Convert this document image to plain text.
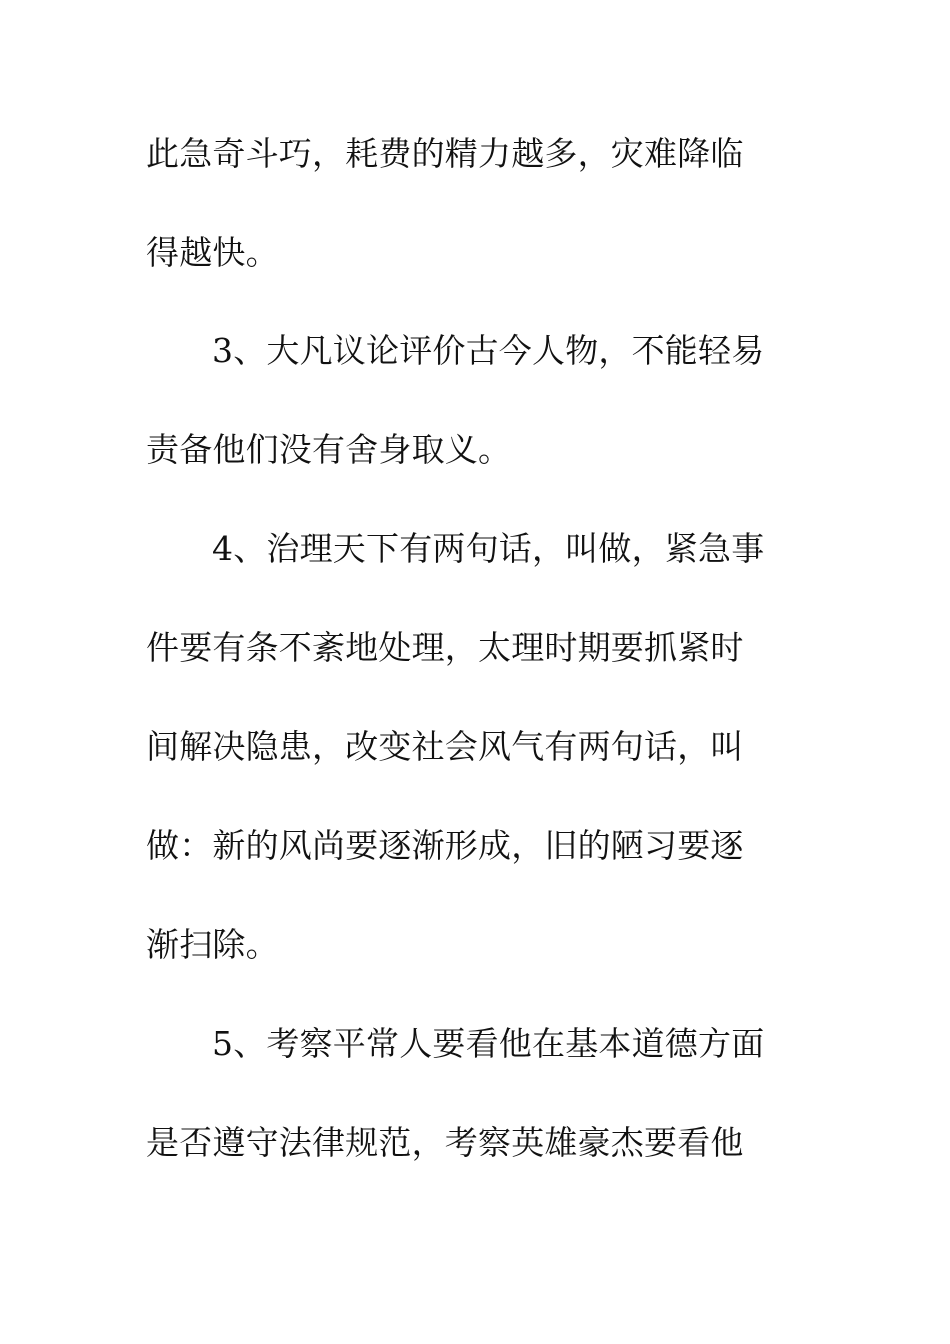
此急奇斗巧，耗费的精力越多，灾难降临
得越快。
3、大凡议论评价古今人物，不能轻易
责备他们没有舍身取义。
4、治理天下有两句话，叫做，紧急事
件要有条不紊地处理，太理时期要抓紧时
间解决隐患，改变社会风气有两句话，叫
做：新的风尚要逐渐形成，旧的陋习要逐
渐扫除。
5、考察平常人要看他在基本道德方面
是否遵守法律规范，考察英雄豪杰要看他
